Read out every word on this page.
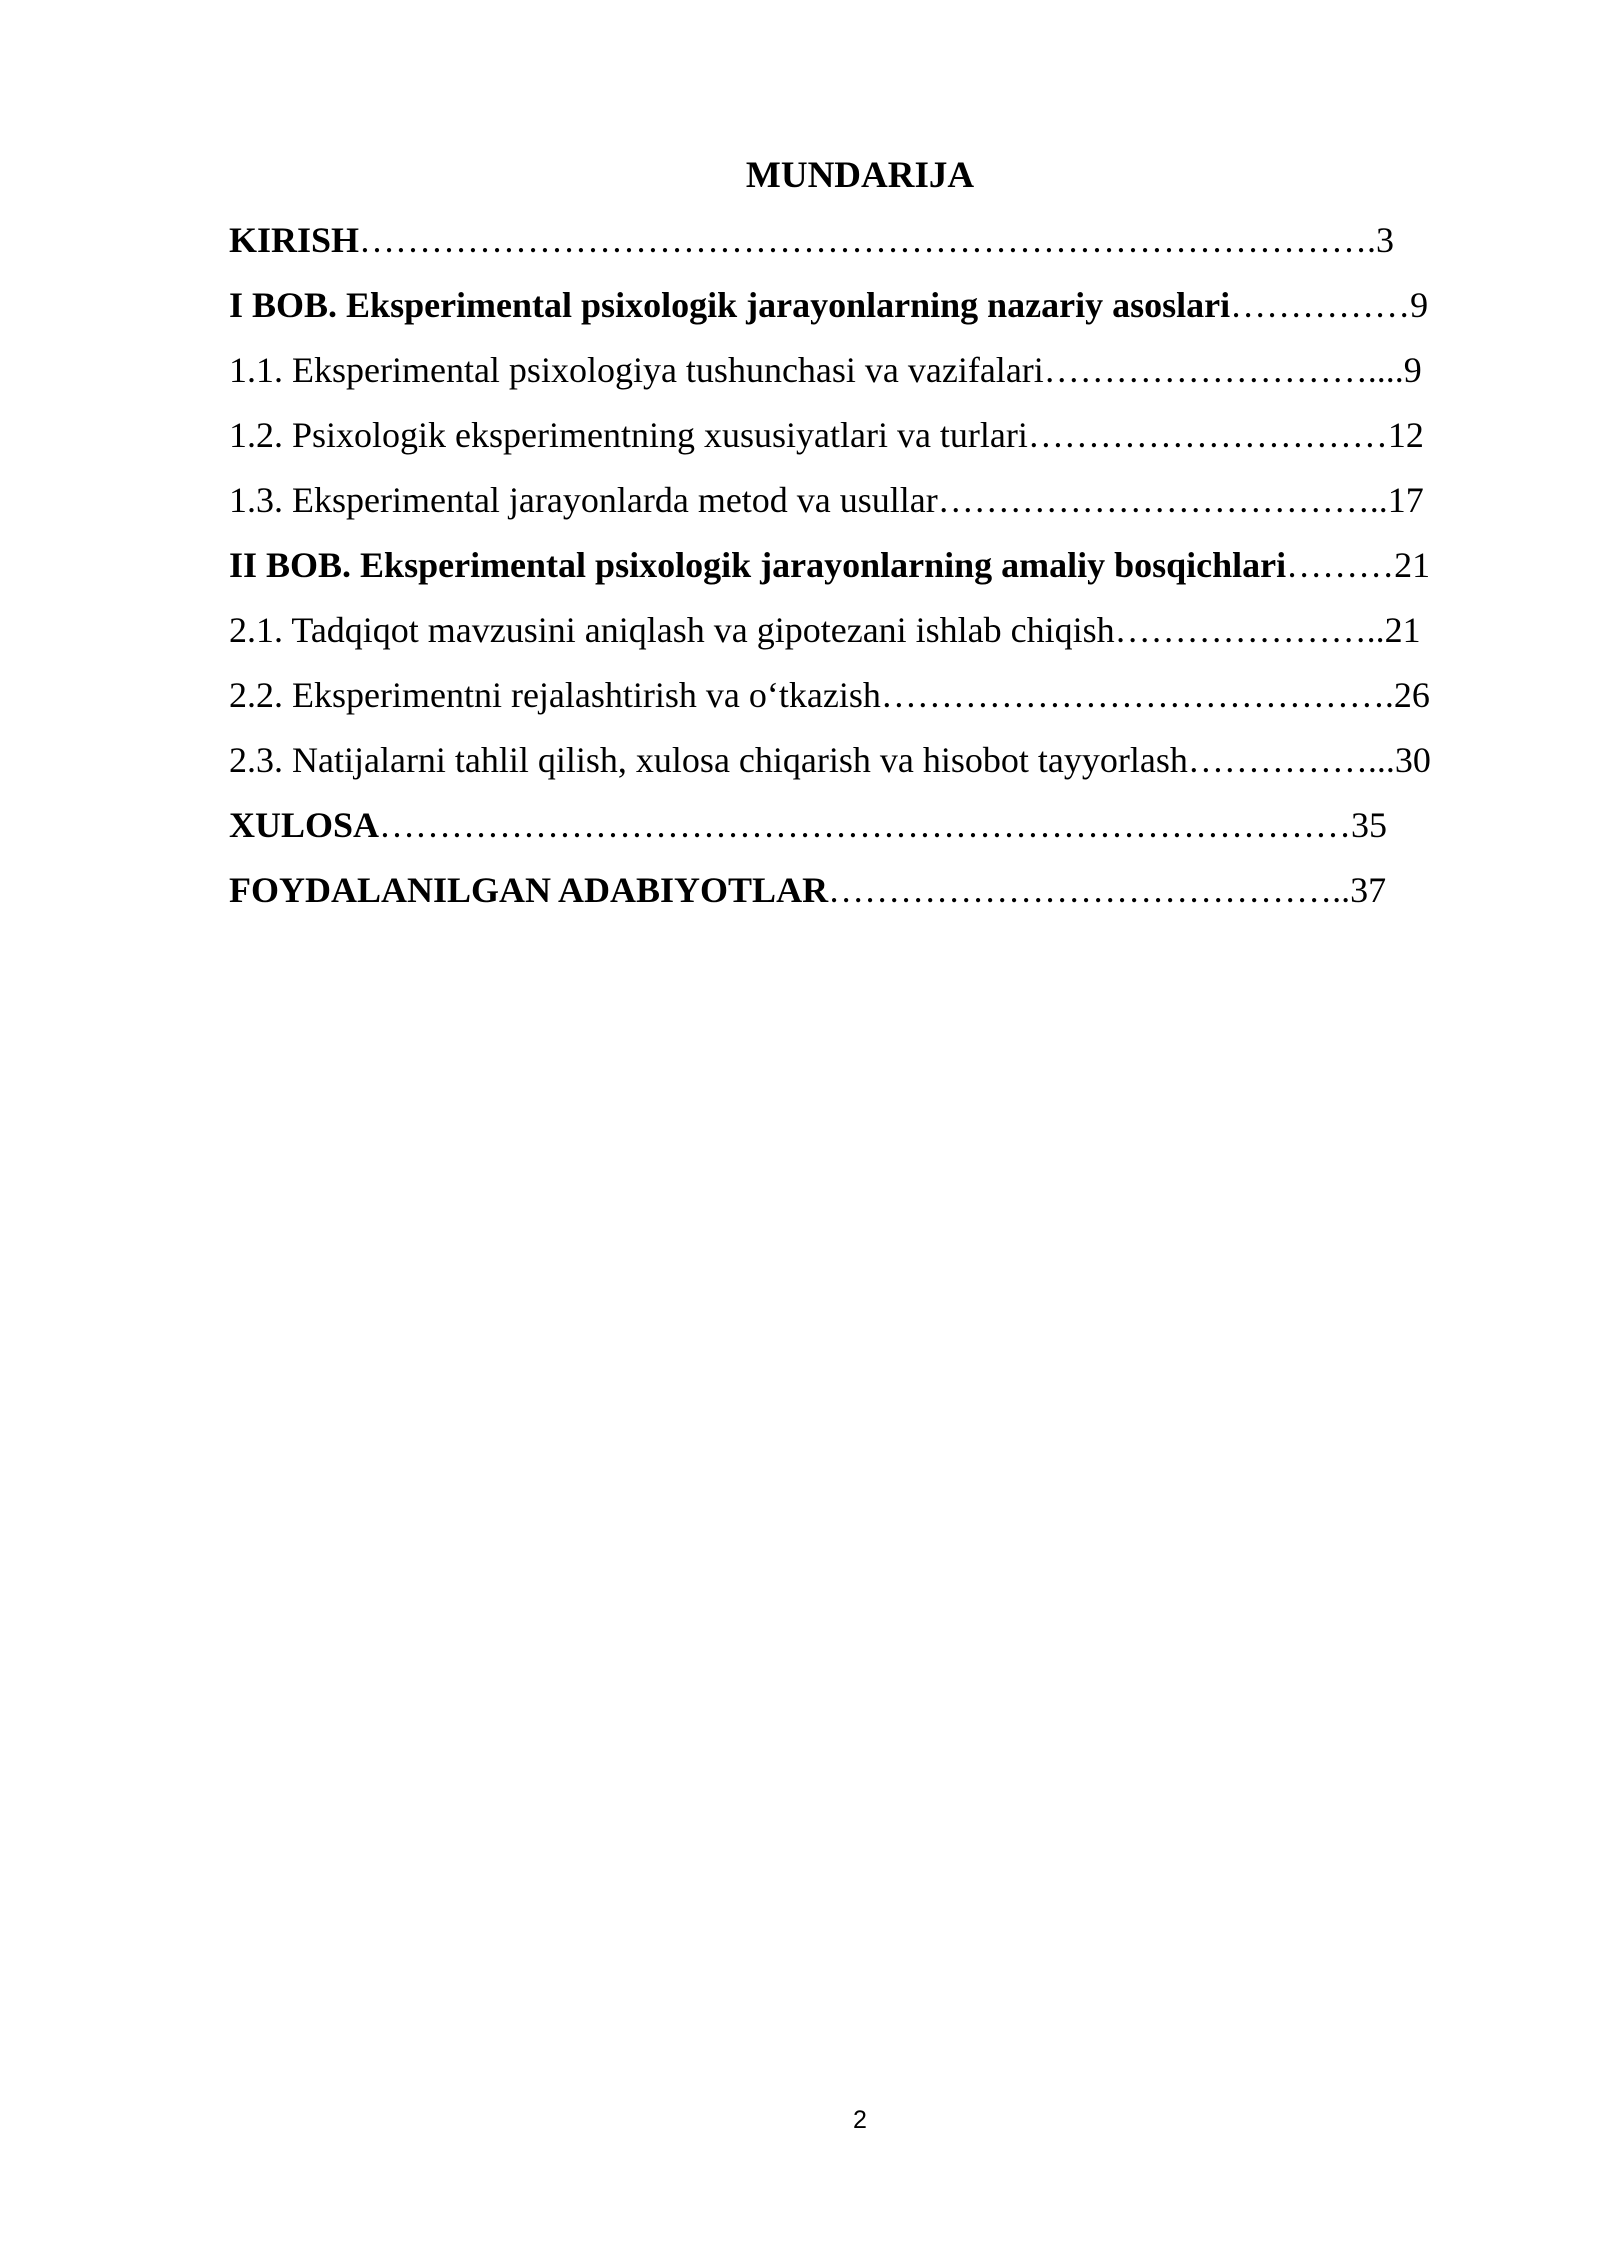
MUNDARIJA
KIRISH………………………………………………………………………….3
I BOB. Eksperimental psixologik jarayonlarning nazariy asoslari……………9
1.1. Eksperimental psixologiya tushunchasi va vazifalari………………………....9
1.2. Psixologik eksperimentning xususiyatlari va turlari…………………………12
1.3. Eksperimental jarayonlarda metod va usullar………………………………..17
II BOB. Eksperimental psixologik jarayonlarning amaliy bosqichlari………21
2.1. Tadqiqot mavzusini aniqlash va gipotezani ishlab chiqish…………………..21
2.2. Eksperimentni rejalashtirish va o‘tkazish…………………………………….26
2.3. Natijalarni tahlil qilish, xulosa chiqarish va hisobot tayyorlash……………...30
XULOSA………………………………………………………………………35
FOYDALANILGAN ADABIYOTLAR……………………………………..37
2
